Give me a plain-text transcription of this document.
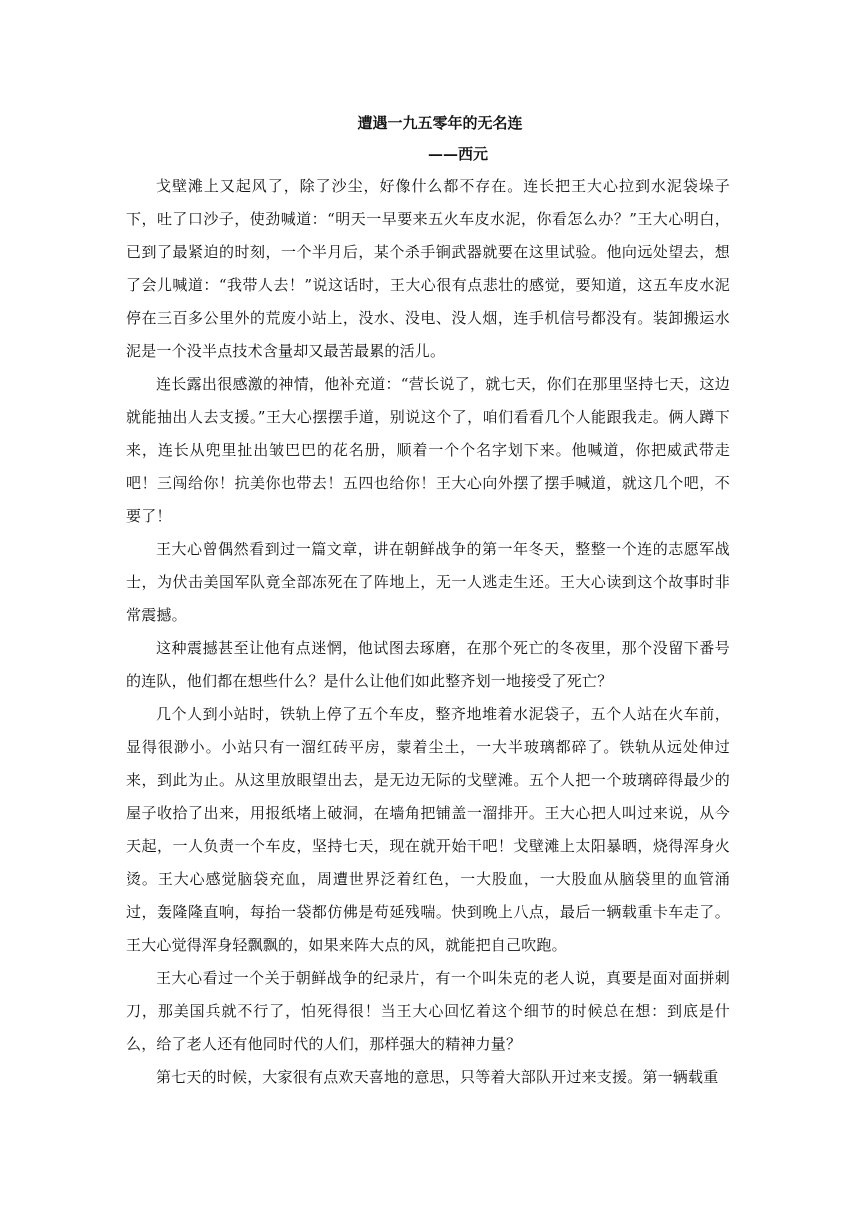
遭遇一九五零年的无名连

——西元

戈壁滩上又起风了，除了沙尘，好像什么都不存在。连长把王大心拉到水泥袋垛子下，吐了口沙子，使劲喊道：“明天一早要来五火车皮水泥，你看怎么办？”王大心明白，已到了最紧迫的时刻，一个半月后，某个杀手锏武器就要在这里试验。他向远处望去，想了会儿喊道：“我带人去！”说这话时，王大心很有点悲壮的感觉，要知道，这五车皮水泥停在三百多公里外的荒废小站上，没水、没电、没人烟，连手机信号都没有。装卸搬运水泥是一个没半点技术含量却又最苦最累的活儿。

连长露出很感激的神情，他补充道：“营长说了，就七天，你们在那里坚持七天，这边就能抽出人去支援。”王大心摆摆手道，别说这个了，咱们看看几个人能跟我走。俩人蹲下来，连长从兜里扯出皱巴巴的花名册，顺着一个个名字划下来。他喊道，你把威武带走吧！三闯给你！抗美你也带去！五四也给你！王大心向外摆了摆手喊道，就这几个吧，不要了！

王大心曾偶然看到过一篇文章，讲在朝鲜战争的第一年冬天，整整一个连的志愿军战士，为伏击美国军队竟全部冻死在了阵地上，无一人逃走生还。王大心读到这个故事时非常震撼。

这种震撼甚至让他有点迷惘，他试图去琢磨，在那个死亡的冬夜里，那个没留下番号的连队，他们都在想些什么？是什么让他们如此整齐划一地接受了死亡？

几个人到小站时，铁轨上停了五个车皮，整齐地堆着水泥袋子，五个人站在火车前，显得很渺小。小站只有一溜红砖平房，蒙着尘土，一大半玻璃都碎了。铁轨从远处伸过来，到此为止。从这里放眼望出去，是无边无际的戈壁滩。五个人把一个玻璃碎得最少的屋子收拾了出来，用报纸堵上破洞，在墙角把铺盖一溜排开。王大心把人叫过来说，从今天起，一人负责一个车皮，坚持七天，现在就开始干吧！戈壁滩上太阳暴晒，烧得浑身火烫。王大心感觉脑袋充血，周遭世界泛着红色，一大股血，一大股血从脑袋里的血管涌过，轰隆隆直响，每抬一袋都仿佛是苟延残喘。快到晚上八点，最后一辆载重卡车走了。王大心觉得浑身轻飘飘的，如果来阵大点的风，就能把自己吹跑。

王大心看过一个关于朝鲜战争的纪录片，有一个叫朱克的老人说，真要是面对面拼刺刀，那美国兵就不行了，怕死得很！当王大心回忆着这个细节的时候总在想：到底是什么，给了老人还有他同时代的人们，那样强大的精神力量？

第七天的时候，大家很有点欢天喜地的意思，只等着大部队开过来支援。第一辆载重
